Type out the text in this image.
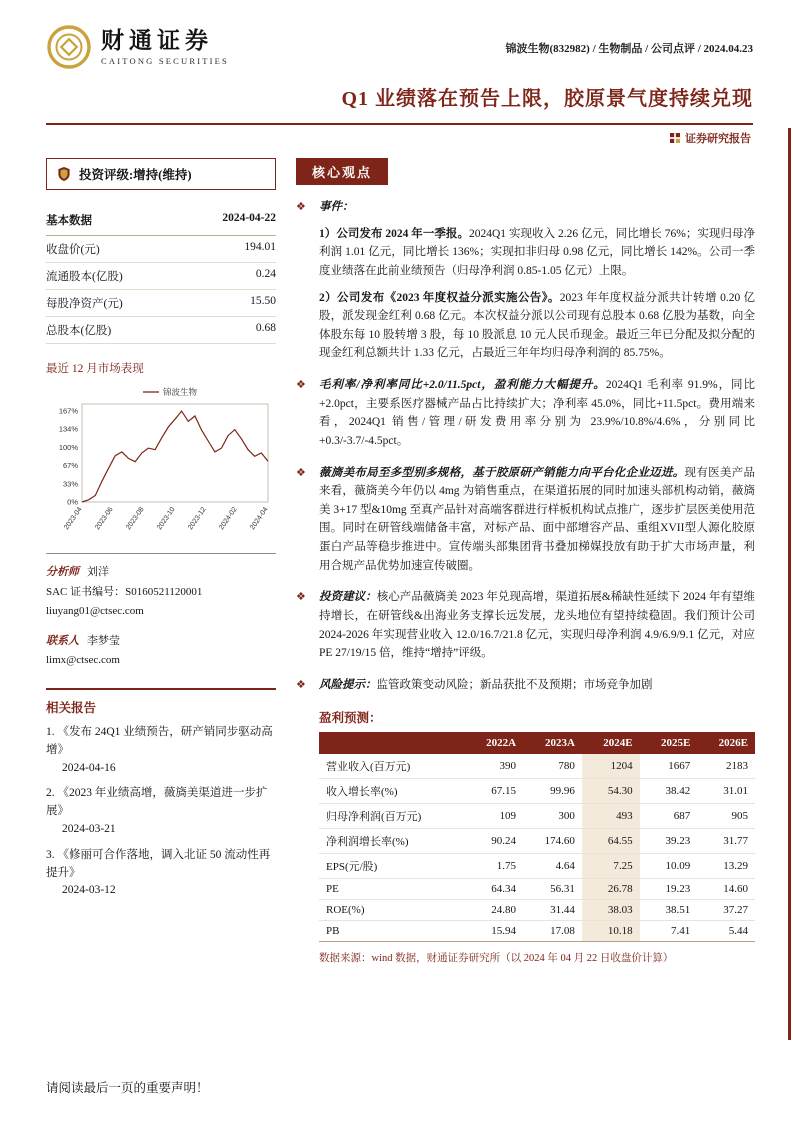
财通证券
CAITONG SECURITIES
锦波生物(832982) / 生物制品 / 公司点评 / 2024.04.23
Q1 业绩落在预告上限，胶原景气度持续兑现
证券研究报告
投资评级:增持(维持)
基本数据	2024-04-22
收盘价(元)	194.01
流通股本(亿股)	0.24
每股净资产(元)	15.50
总股本(亿股)	0.68
最近 12 月市场表现
167%
134%
100%
67%
33%
0%
2023-04 2023-06 2023-08 2023-10 2023-12 2024-02 2024-04
锦波生物

分析师 刘洋

SAC 证书编号：S0160521120001

liuyang01@ctsec.com

联系人 李梦莹

limx@ctsec.com

相关报告
1. 《发布 24Q1 业绩预告，研产销同步驱动高增》
2024-04-16
2. 《2023 年业绩高增，薇旖美渠道进一步扩展》
2024-03-21
3. 《修丽可合作落地，调入北证 50 流动性再提升》
2024-03-12
核心观点
❖	事件：
1）公司发布 2024 年一季报。2024Q1 实现收入 2.26 亿元，同比增长 76%；实现归母净利润 1.01 亿元，同比增长 136%；实现扣非归母 0.98 亿元，同比增长 142%。公司一季度业绩落在此前业绩预告（归母净利润 0.85-1.05 亿元）上限。
2）公司发布《2023 年度权益分派实施公告》。2023 年年度权益分派共计转增 0.20 亿股，派发现金红利 0.68 亿元。本次权益分派以公司现有总股本 0.68 亿股为基数，向全体股东每 10 股转增 3 股，每 10 股派息 10 元人民币现金。最近三年已分配及拟分配的现金红利总额共计 1.33 亿元，占最近三年年均归母净利润的 85.75%。
❖	毛利率/净利率同比+2.0/11.5pct，盈利能力大幅提升。2024Q1 毛利率 91.9%，同比+2.0pct，主要系医疗器械产品占比持续扩大；净利率 45.0%，同比+11.5pct。费用端来看，2024Q1 销售/管理/研发费用率分别为 23.9%/10.8%/4.6%，分别同比+0.3/-3.7/-4.5pct。
❖	薇旖美布局至多型别多规格，基于胶原研产销能力向平台化企业迈进。现有医美产品来看，薇旖美今年仍以 4mg 为销售重点，在渠道拓展的同时加速头部机构动销，薇旖美 3+17 型&10mg 至真产品针对高端客群进行样板机构试点推广，逐步扩层医美使用范围。同时在研管线端储备丰富，对标产品、面中部增容产品、重组XVII型人源化胶原蛋白产品等稳步推进中。宣传端头部集团背书叠加梯媒投放有助于扩大市场声量，利用合规产品优势加速宣传破圈。
❖	投资建议：核心产品薇旖美 2023 年兑现高增，渠道拓展&稀缺性延续下 2024 年有望维持增长，在研管线&出海业务支撑长远发展，龙头地位有望持续稳固。我们预计公司 2024-2026 年实现营业收入 12.0/16.7/21.8 亿元，实现归母净利润 4.9/6.9/9.1 亿元，对应 PE 27/19/15 倍，维持“增持”评级。
❖	风险提示：监管政策变动风险；新品获批不及预期；市场竞争加剧
盈利预测：
	2022A	2023A	2024E	2025E	2026E
营业收入(百万元)	390	780	1204	1667	2183
收入增长率(%)	67.15	99.96	54.30	38.42	31.01
归母净利润(百万元)	109	300	493	687	905
净利润增长率(%)	90.24	174.60	64.55	39.23	31.77
EPS(元/股)	1.75	4.64	7.25	10.09	13.29
PE	64.34	56.31	26.78	19.23	14.60
ROE(%)	24.80	31.44	38.03	38.51	37.27
PB	15.94	17.08	10.18	7.41	5.44
数据来源：wind 数据，财通证券研究所（以 2024 年 04 月 22 日收盘价计算）
请阅读最后一页的重要声明！
